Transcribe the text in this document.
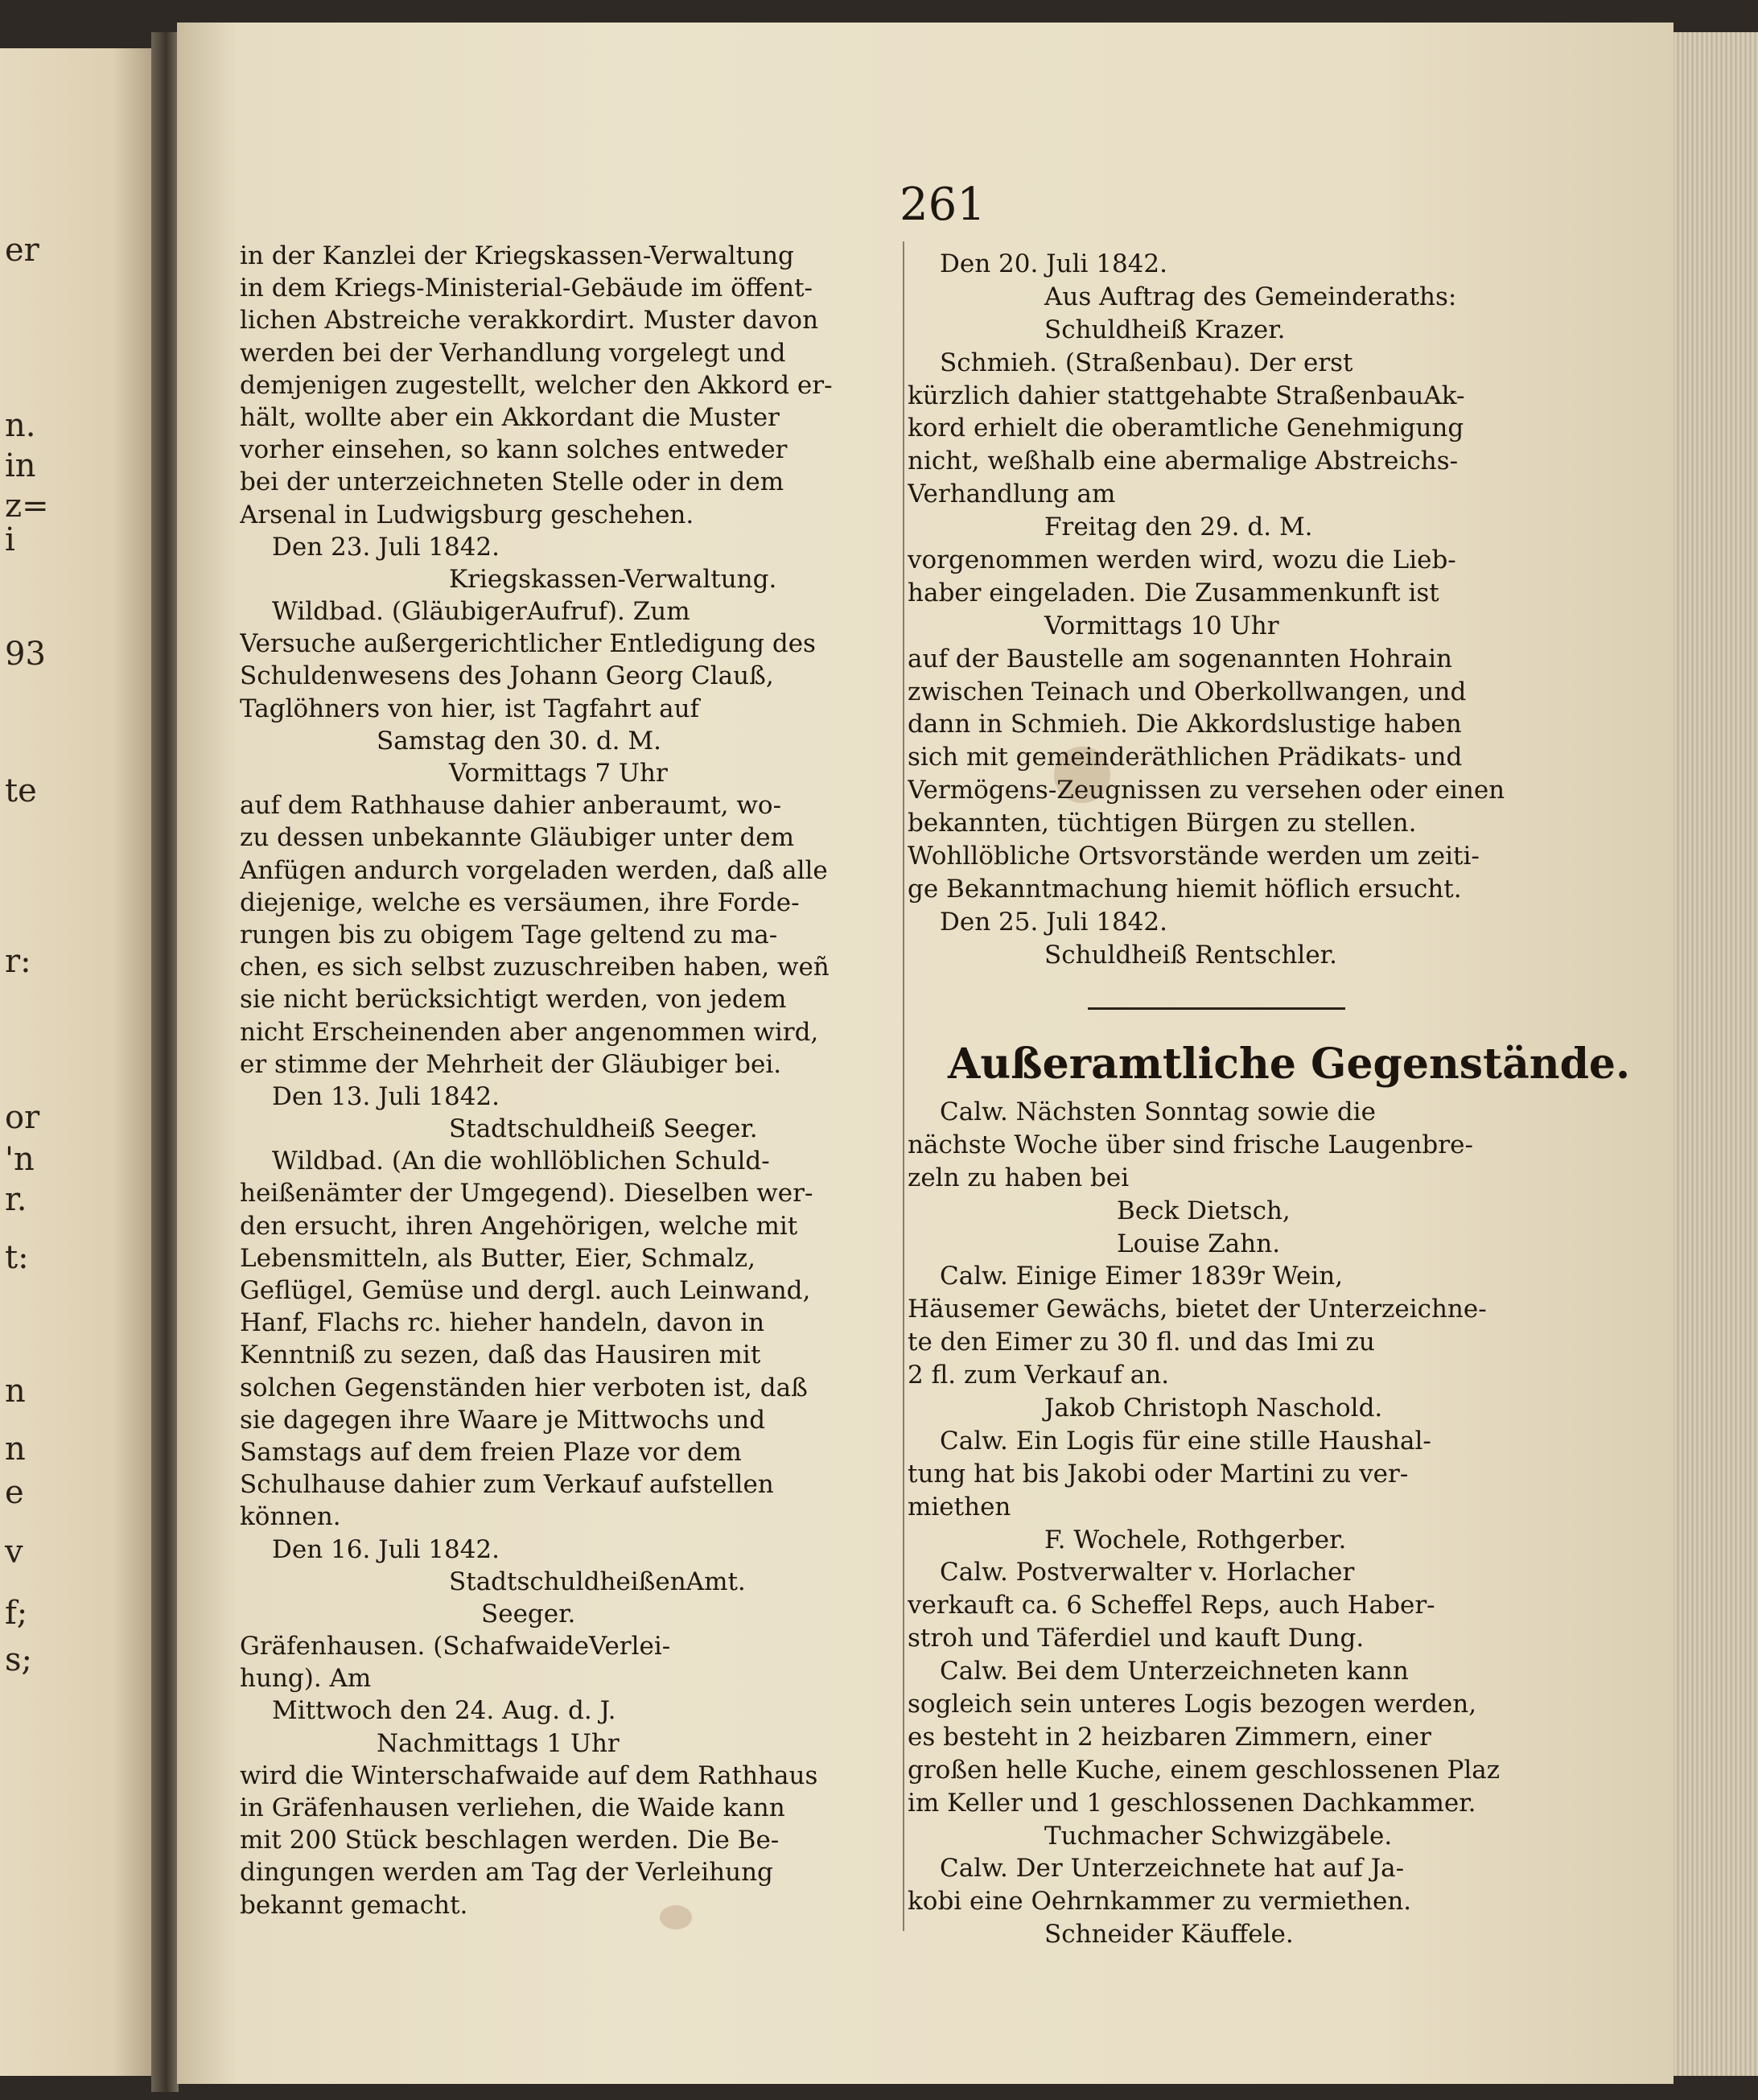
er
n.
in
z=
i
93
te
r:
or
'n
r.
t:
n
n
e
v
f;
s;
261
in der Kanzlei der Kriegskassen-Verwaltung
in dem Kriegs-Ministerial-Gebäude im öffent-
lichen Abstreiche verakkordirt. Muster davon
werden bei der Verhandlung vorgelegt und
demjenigen zugestellt, welcher den Akkord er-
hält, wollte aber ein Akkordant die Muster
vorher einsehen, so kann solches entweder
bei der unterzeichneten Stelle oder in dem
Arsenal in Ludwigsburg geschehen.
Den 23. Juli 1842.
Kriegskassen-Verwaltung.
Wildbad. (GläubigerAufruf). Zum
Versuche außergerichtlicher Entledigung des
Schuldenwesens des Johann Georg Clauß,
Taglöhners von hier, ist Tagfahrt auf
Samstag den 30. d. M.
Vormittags 7 Uhr
auf dem Rathhause dahier anberaumt, wo-
zu dessen unbekannte Gläubiger unter dem
Anfügen andurch vorgeladen werden, daß alle
diejenige, welche es versäumen, ihre Forde-
rungen bis zu obigem Tage geltend zu ma-
chen, es sich selbst zuzuschreiben haben, weñ
sie nicht berücksichtigt werden, von jedem
nicht Erscheinenden aber angenommen wird,
er stimme der Mehrheit der Gläubiger bei.
Den 13. Juli 1842.
Stadtschuldheiß Seeger.
Wildbad. (An die wohllöblichen Schuld-
heißenämter der Umgegend). Dieselben wer-
den ersucht, ihren Angehörigen, welche mit
Lebensmitteln, als Butter, Eier, Schmalz,
Geflügel, Gemüse und dergl. auch Leinwand,
Hanf, Flachs rc. hieher handeln, davon in
Kenntniß zu sezen, daß das Hausiren mit
solchen Gegenständen hier verboten ist, daß
sie dagegen ihre Waare je Mittwochs und
Samstags auf dem freien Plaze vor dem
Schulhause dahier zum Verkauf aufstellen
können.
Den 16. Juli 1842.
StadtschuldheißenAmt.
Seeger.
Gräfenhausen. (SchafwaideVerlei-
hung). Am
Mittwoch den 24. Aug. d. J.
Nachmittags 1 Uhr
wird die Winterschafwaide auf dem Rathhaus
in Gräfenhausen verliehen, die Waide kann
mit 200 Stück beschlagen werden. Die Be-
dingungen werden am Tag der Verleihung
bekannt gemacht.
Den 20. Juli 1842.
Aus Auftrag des Gemeinderaths:
Schuldheiß Krazer.
Schmieh. (Straßenbau). Der erst
kürzlich dahier stattgehabte StraßenbauAk-
kord erhielt die oberamtliche Genehmigung
nicht, weßhalb eine abermalige Abstreichs-
Verhandlung am
Freitag den 29. d. M.
vorgenommen werden wird, wozu die Lieb-
haber eingeladen. Die Zusammenkunft ist
Vormittags 10 Uhr
auf der Baustelle am sogenannten Hohrain
zwischen Teinach und Oberkollwangen, und
dann in Schmieh. Die Akkordslustige haben
sich mit gemeinderäthlichen Prädikats- und
Vermögens-Zeugnissen zu versehen oder einen
bekannten, tüchtigen Bürgen zu stellen.
Wohllöbliche Ortsvorstände werden um zeiti-
ge Bekanntmachung hiemit höflich ersucht.
Den 25. Juli 1842.
Schuldheiß Rentschler.
Außeramtliche Gegenstände.
Calw. Nächsten Sonntag sowie die
nächste Woche über sind frische Laugenbre-
zeln zu haben bei
Beck Dietsch,
Louise Zahn.
Calw. Einige Eimer 1839r Wein,
Häusemer Gewächs, bietet der Unterzeichne-
te den Eimer zu 30 fl. und das Imi zu
2 fl. zum Verkauf an.
Jakob Christoph Naschold.
Calw. Ein Logis für eine stille Haushal-
tung hat bis Jakobi oder Martini zu ver-
miethen
F. Wochele, Rothgerber.
Calw. Postverwalter v. Horlacher
verkauft ca. 6 Scheffel Reps, auch Haber-
stroh und Täferdiel und kauft Dung.
Calw. Bei dem Unterzeichneten kann
sogleich sein unteres Logis bezogen werden,
es besteht in 2 heizbaren Zimmern, einer
großen helle Kuche, einem geschlossenen Plaz
im Keller und 1 geschlossenen Dachkammer.
Tuchmacher Schwizgäbele.
Calw. Der Unterzeichnete hat auf Ja-
kobi eine Oehrnkammer zu vermiethen.
Schneider Käuffele.
